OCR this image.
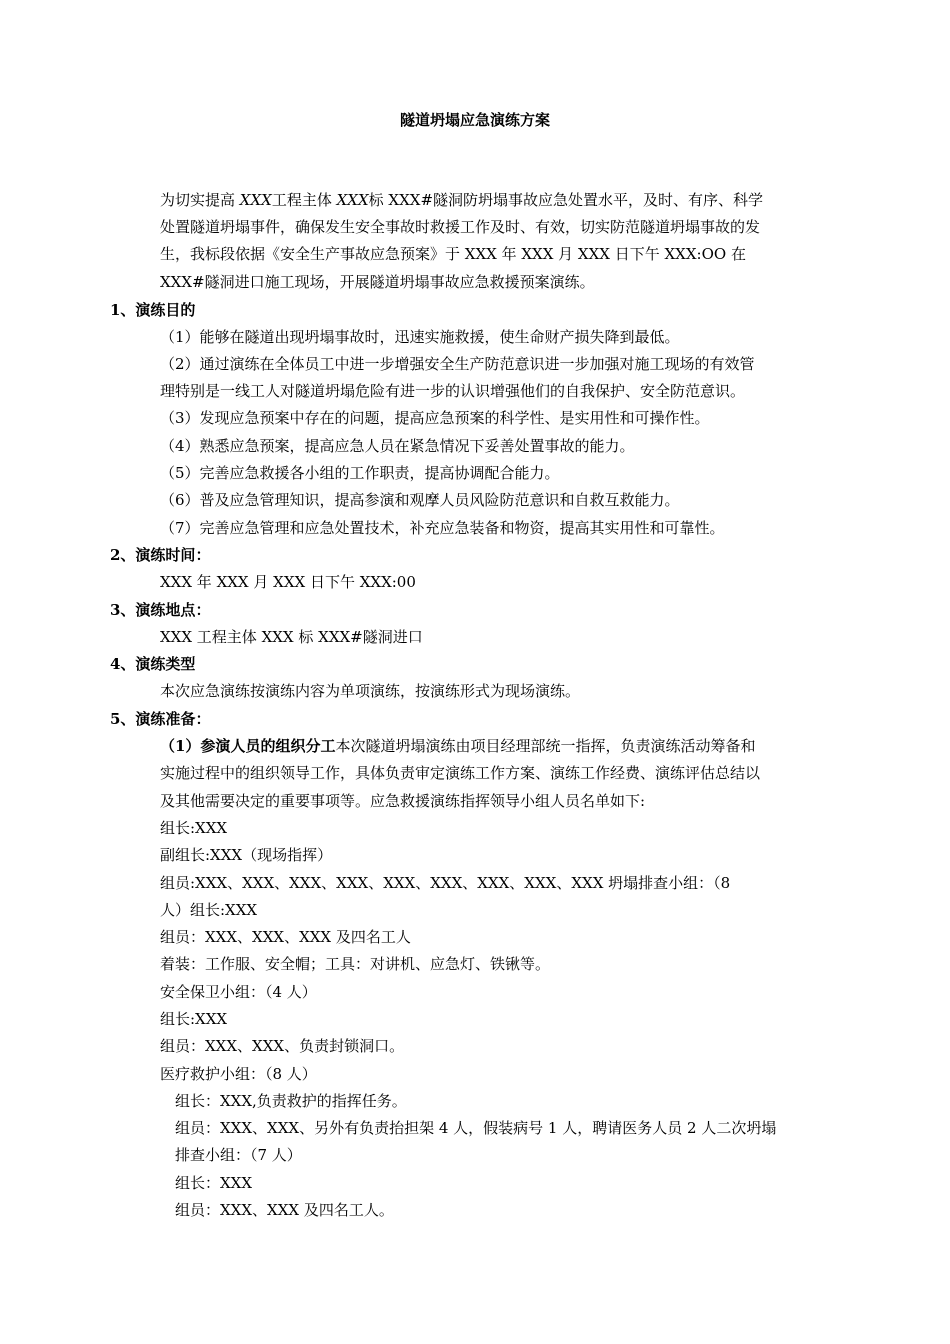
隧道坍塌应急演练方案
为切实提高 XXX工程主体 XXX标 XXX#隧洞防坍塌事故应急处置水平，及时、有序、科学
处置隧道坍塌事件，确保发生安全事故时救援工作及时、有效，切实防范隧道坍塌事故的发
生，我标段依据《安全生产事故应急预案》于 XXX 年 XXX 月 XXX 日下午 XXX:OO 在
XXX#隧洞进口施工现场，开展隧道坍塌事故应急救援预案演练。
1、演练目的
（1）能够在隧道出现坍塌事故时，迅速实施救援，使生命财产损失降到最低。
（2）通过演练在全体员工中进一步增强安全生产防范意识进一步加强对施工现场的有效管
理特别是一线工人对隧道坍塌危险有进一步的认识增强他们的自我保护、安全防范意识。
（3）发现应急预案中存在的问题，提高应急预案的科学性、是实用性和可操作性。
（4）熟悉应急预案，提高应急人员在紧急情况下妥善处置事故的能力。
（5）完善应急救援各小组的工作职责，提高协调配合能力。
（6）普及应急管理知识，提高参演和观摩人员风险防范意识和自救互救能力。
（7）完善应急管理和应急处置技术，补充应急装备和物资，提高其实用性和可靠性。
2、演练时间：
XXX 年 XXX 月 XXX 日下午 XXX:00
3、演练地点：
XXX 工程主体 XXX 标 XXX#隧洞进口
4、演练类型
本次应急演练按演练内容为单项演练，按演练形式为现场演练。
5、演练准备：
（1）参演人员的组织分工本次隧道坍塌演练由项目经理部统一指挥，负责演练活动筹备和
实施过程中的组织领导工作，具体负责审定演练工作方案、演练工作经费、演练评估总结以
及其他需要决定的重要事项等。应急救援演练指挥领导小组人员名单如下:
组长:XXX
副组长:XXX（现场指挥）
组员:XXX、XXX、XXX、XXX、XXX、XXX、XXX、XXX、XXX 坍塌排查小组：（8
人）组长:XXX
组员：XXX、XXX、XXX 及四名工人
着装：工作服、安全帽；工具：对讲机、应急灯、铁锹等。
安全保卫小组：（4 人）
组长:XXX
组员：XXX、XXX、负责封锁洞口。
医疗救护小组：（8 人）
组长：XXX,负责救护的指挥任务。
组员：XXX、XXX、另外有负责抬担架 4 人，假装病号 1 人，聘请医务人员 2 人二次坍塌
排查小组：（7 人）
组长：XXX
组员：XXX、XXX 及四名工人。
